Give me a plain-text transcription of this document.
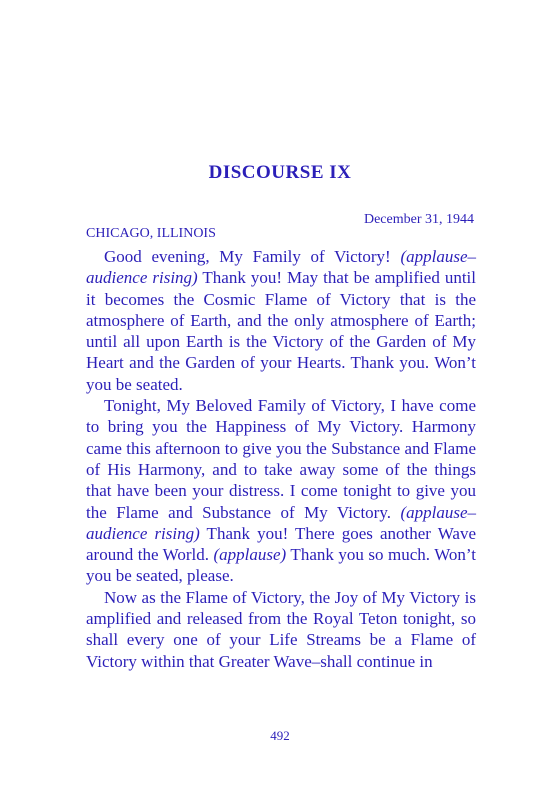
DISCOURSE IX
December 31, 1944
CHICAGO, ILLINOIS

Good evening, My Family of Victory! (applause–audience rising) Thank you! May that be amplified until it becomes the Cosmic Flame of Victory that is the atmosphere of Earth, and the only atmosphere of Earth; until all upon Earth is the Victory of the Garden of My Heart and the Garden of your Hearts. Thank you. Won’t you be seated.

Tonight, My Beloved Family of Victory, I have come to bring you the Happiness of My Victory. Harmony came this afternoon to give you the Substance and Flame of His Harmony, and to take away some of the things that have been your distress. I come tonight to give you the Flame and Substance of My Victory. (applause–audience rising) Thank you! There goes another Wave around the World. (applause) Thank you so much. Won’t you be seated, please.

Now as the Flame of Victory, the Joy of My Victory is amplified and released from the Royal Teton tonight, so shall every one of your Life Streams be a Flame of Victory within that Greater Wave–shall continue in

492
